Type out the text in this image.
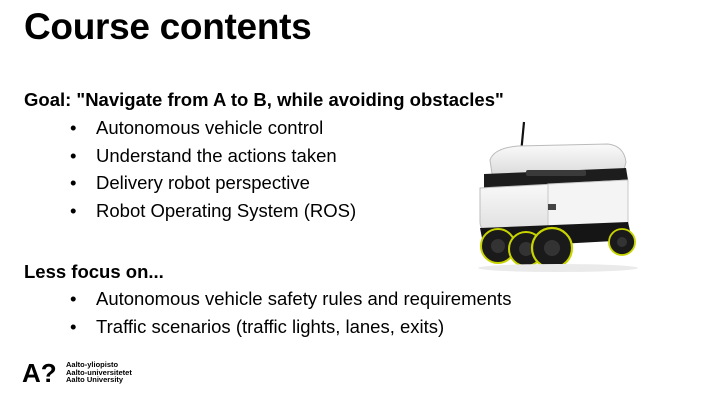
Course contents
Goal: "Navigate from A to B, while avoiding obstacles"
• Autonomous vehicle control
• Understand the actions taken
• Delivery robot perspective
• Robot Operating System (ROS)
Less focus on...
• Autonomous vehicle safety rules and requirements
• Traffic scenarios (traffic lights, lanes, exits)
A? Aalto-yliopisto
Aalto-universitetet
Aalto University
